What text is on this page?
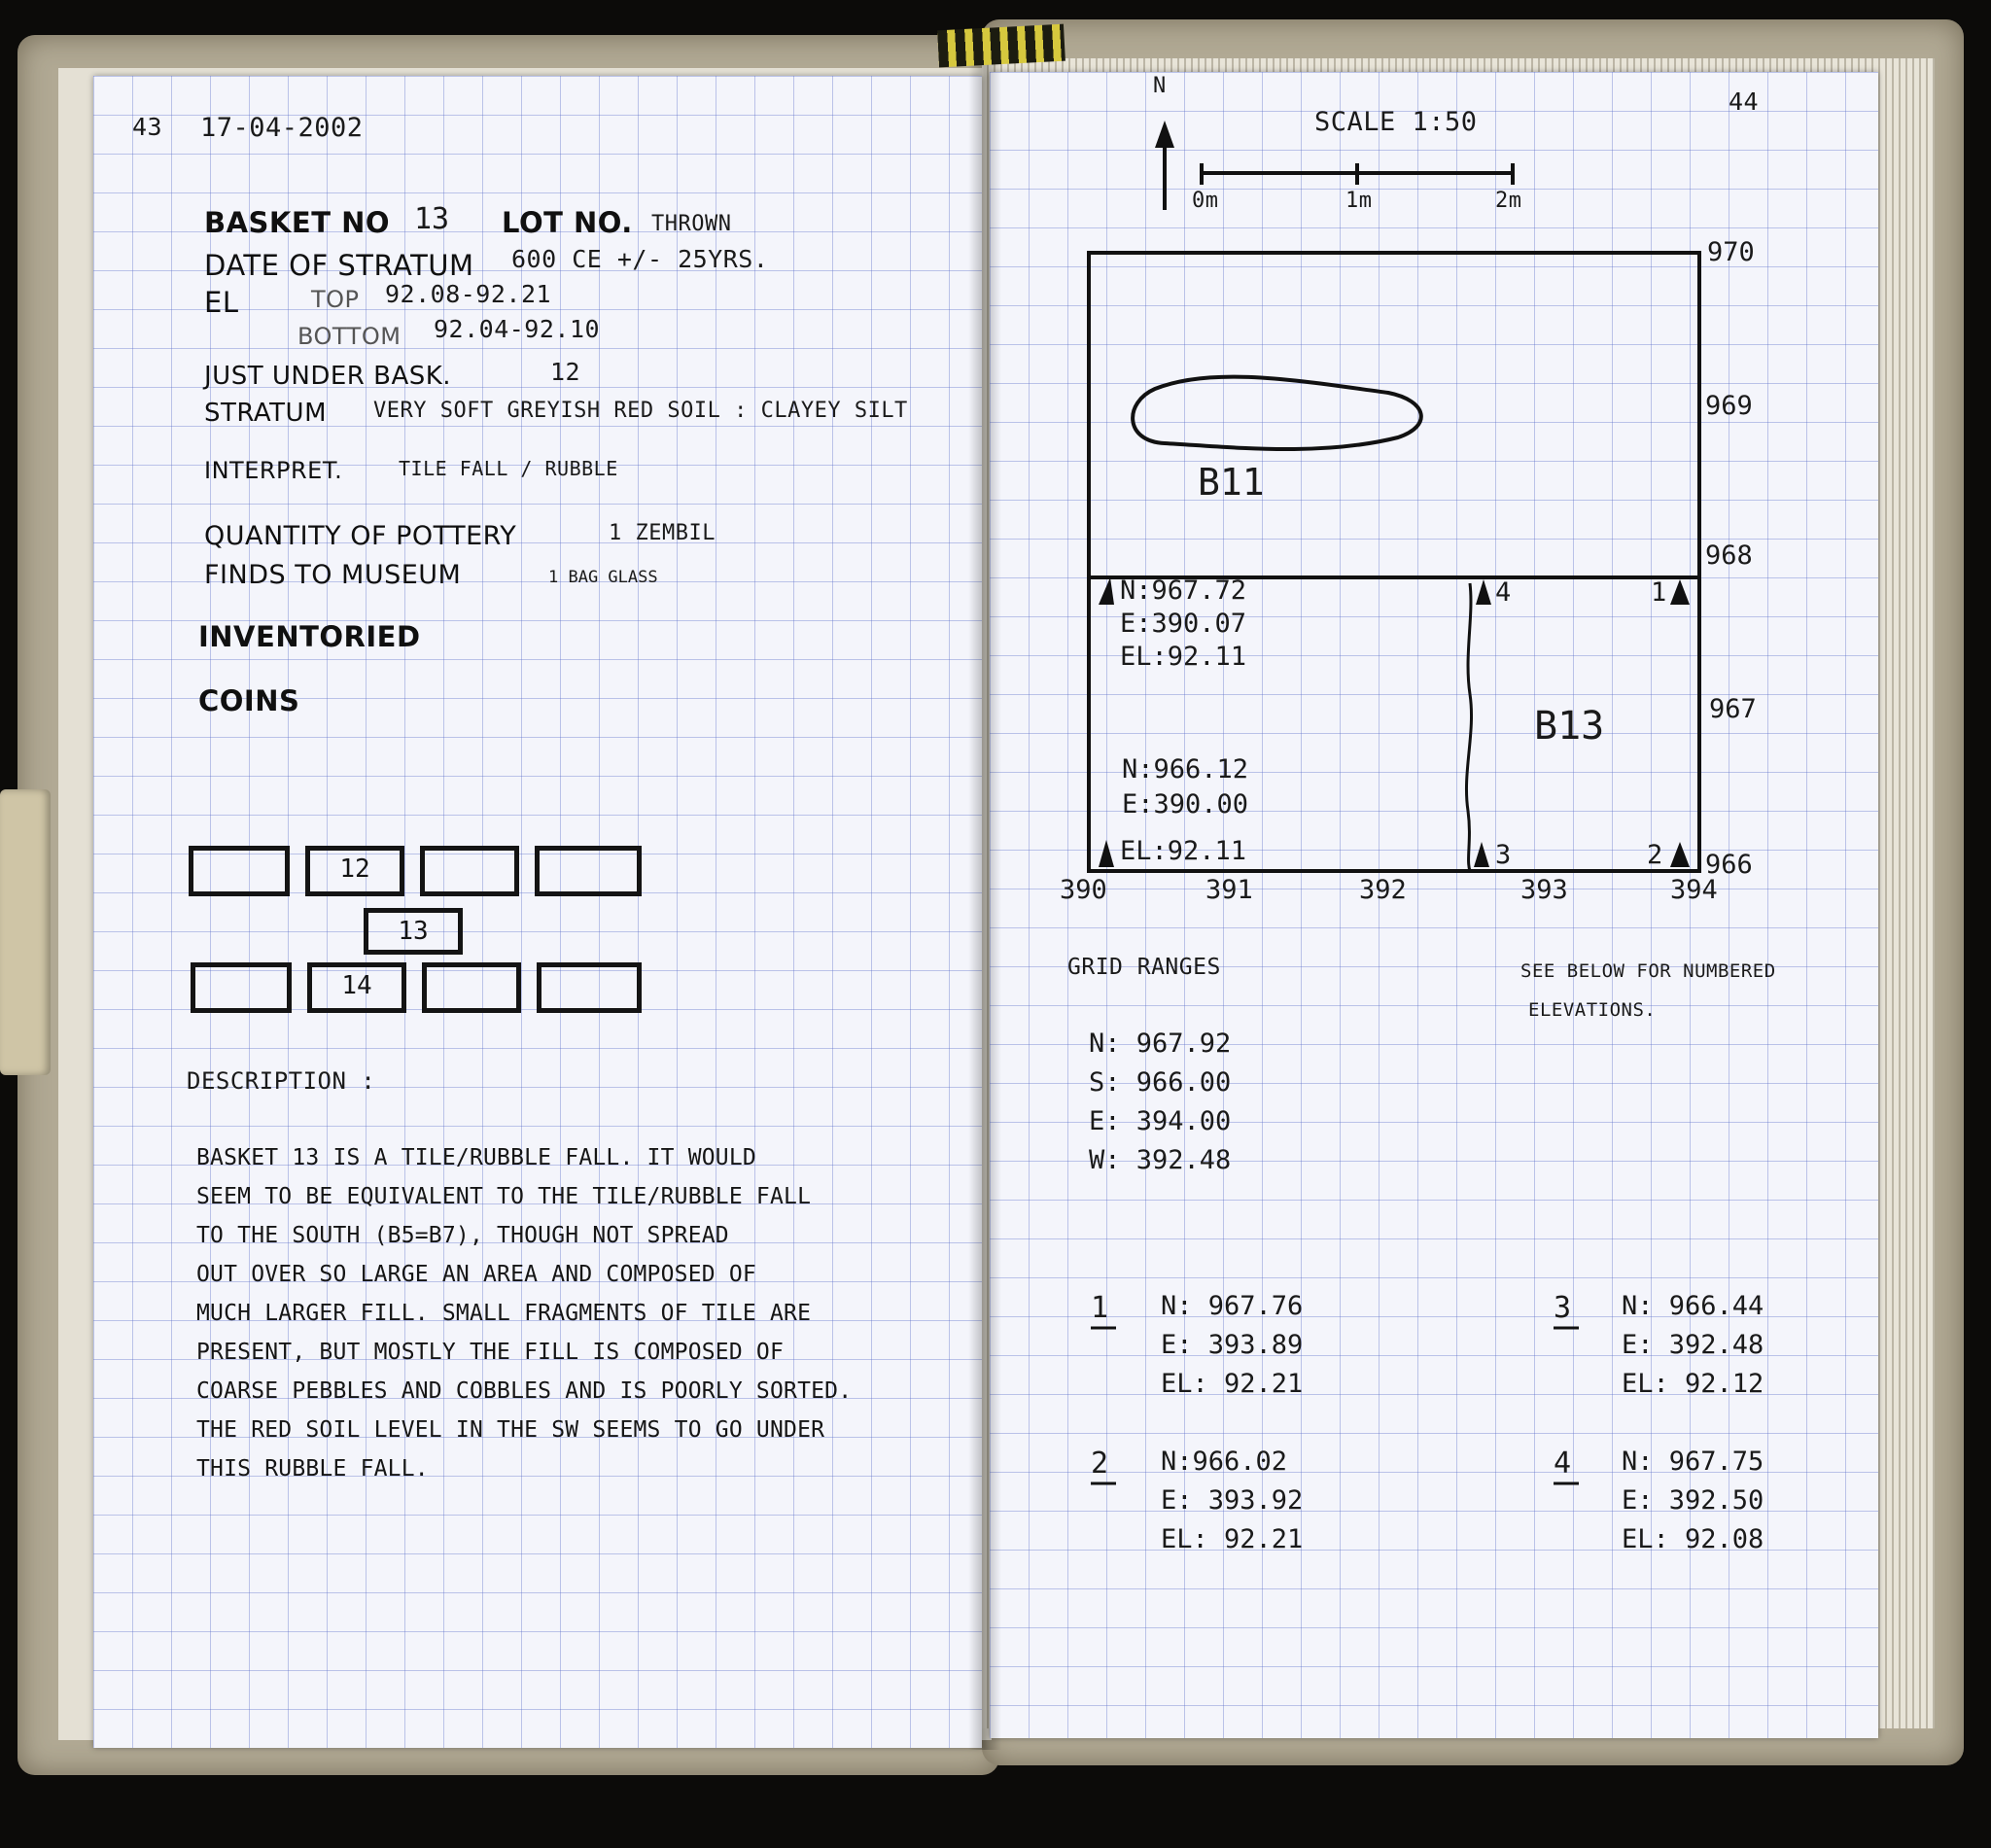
43 17-04-2002
BASKET NO 13 LOT NO. THROWN
DATE OF STRATUM 600 CE +/- 25YRS.
EL	TOP 92.08-92.21
BOTTOM 92.04-92.10
JUST UNDER BASK.	12
STRATUM VERY SOFT GREYISH RED SOIL : CLAYEY SILT
INTERPRET.	TILE FALL / RUBBLE
QUANTITY OF POTTERY	1 ZEMBIL
FINDS TO MUSEUM	1 BAG GLASS
INVENTORIED
COINS
12
13
14
DESCRIPTION :
BASKET 13 IS A TILE/RUBBLE FALL. IT WOULD
SEEM TO BE EQUIVALENT TO THE TILE/RUBBLE FALL
TO THE SOUTH (B5=B7), THOUGH NOT SPREAD
OUT OVER SO LARGE AN AREA AND COMPOSED OF
MUCH LARGER FILL. SMALL FRAGMENTS OF TILE ARE
PRESENT, BUT MOSTLY THE FILL IS COMPOSED OF
COARSE PEBBLES AND COBBLES AND IS POORLY SORTED.
THE RED SOIL LEVEL IN THE SW SEEMS TO GO UNDER
THIS RUBBLE FALL.
N
SCALE 1:50
0m	1m	2m
44
970
969
968
967
966
390	391	392	393	394
B11
B13
1
2
3
4
N:967.72
E:390.07
EL:92.11
N:966.12
E:390.00
EL:92.11
GRID RANGES
N: 967.92
S: 966.00
E: 394.00
W: 392.48
SEE BELOW FOR NUMBERED
ELEVATIONS.
1 N: 967.76
E: 393.89
EL: 92.21
2 N:966.02
E: 393.92
EL: 92.21
3 N: 966.44
E: 392.48
EL: 92.12
4 N: 967.75
E: 392.50
EL: 92.08
